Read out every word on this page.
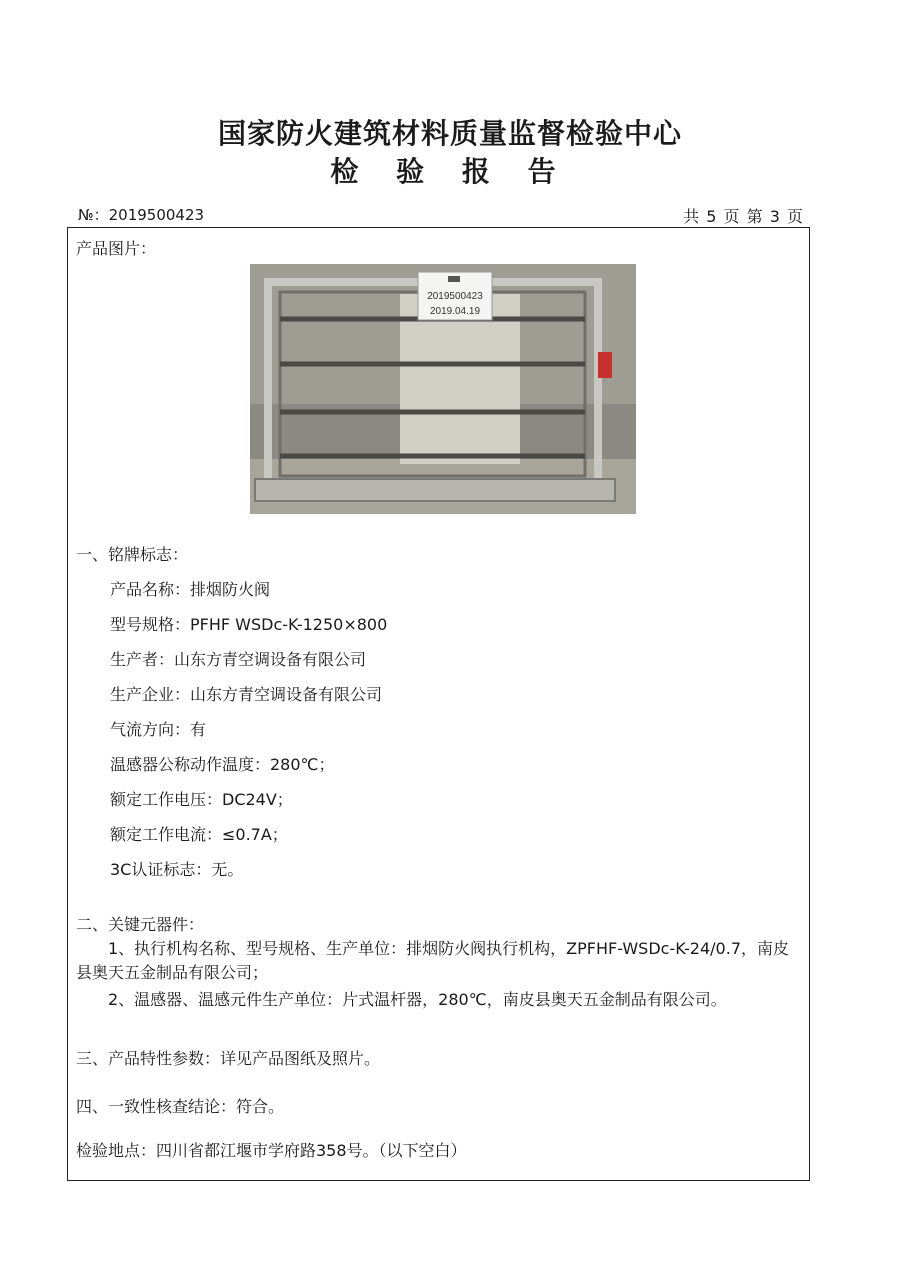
国家防火建筑材料质量监督检验中心
检 验 报 告
№：2019500423	共 5 页 第 3 页
产品图片：
2019500423
2019.04.19
一、铭牌标志：
产品名称：排烟防火阀
型号规格：PFHF WSDc-K-1250×800
生产者：山东方青空调设备有限公司
生产企业：山东方青空调设备有限公司
气流方向：有
温感器公称动作温度：280℃；
额定工作电压：DC24V；
额定工作电流：≤0.7A；
3C认证标志：无。
二、关键元器件：
1、执行机构名称、型号规格、生产单位：排烟防火阀执行机构，ZPFHF-WSDc-K-24/0.7，南皮县奥天五金制品有限公司；
2、温感器、温感元件生产单位：片式温杆器，280℃，南皮县奥天五金制品有限公司。
三、产品特性参数：详见产品图纸及照片。
四、一致性核查结论：符合。
检验地点：四川省都江堰市学府路358号。（以下空白）
